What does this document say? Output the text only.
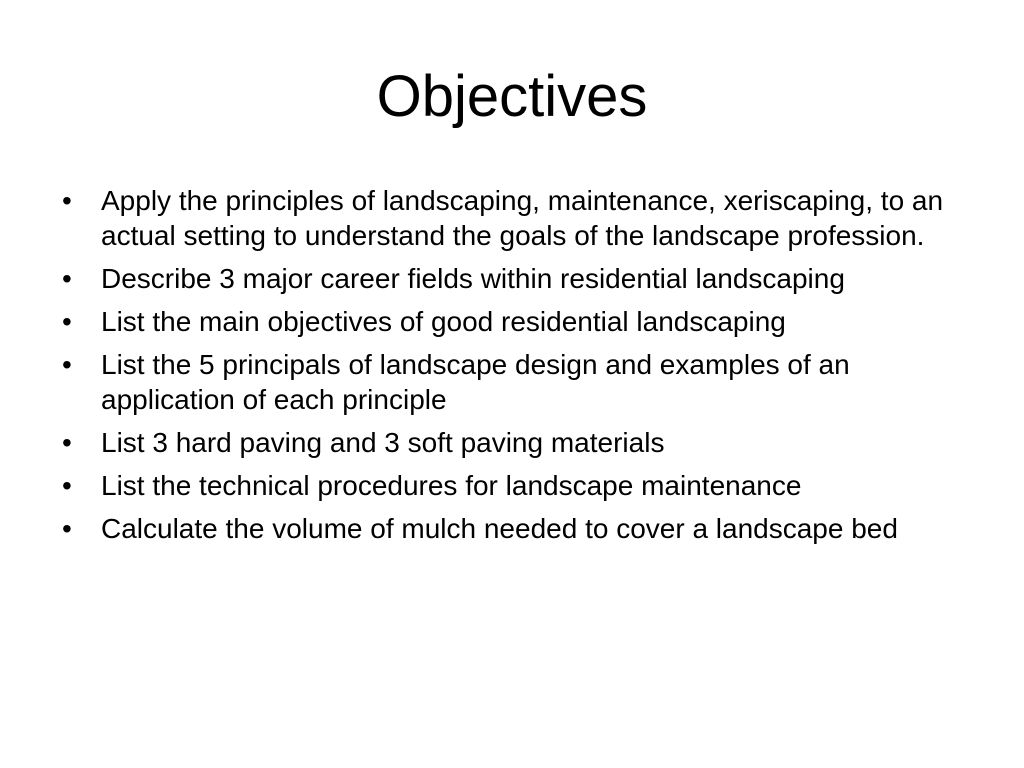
Objectives
•	Apply the principles of landscaping, maintenance, xeriscaping, to an actual setting to understand the goals of the landscape profession.
•	Describe 3 major career fields within residential landscaping
•	List the main objectives of good residential landscaping
•	List the 5 principals of landscape design and examples of an application of each principle
•	List 3 hard paving and 3 soft paving materials
•	List the technical procedures for landscape maintenance
•	Calculate the volume of mulch needed to cover a landscape bed
